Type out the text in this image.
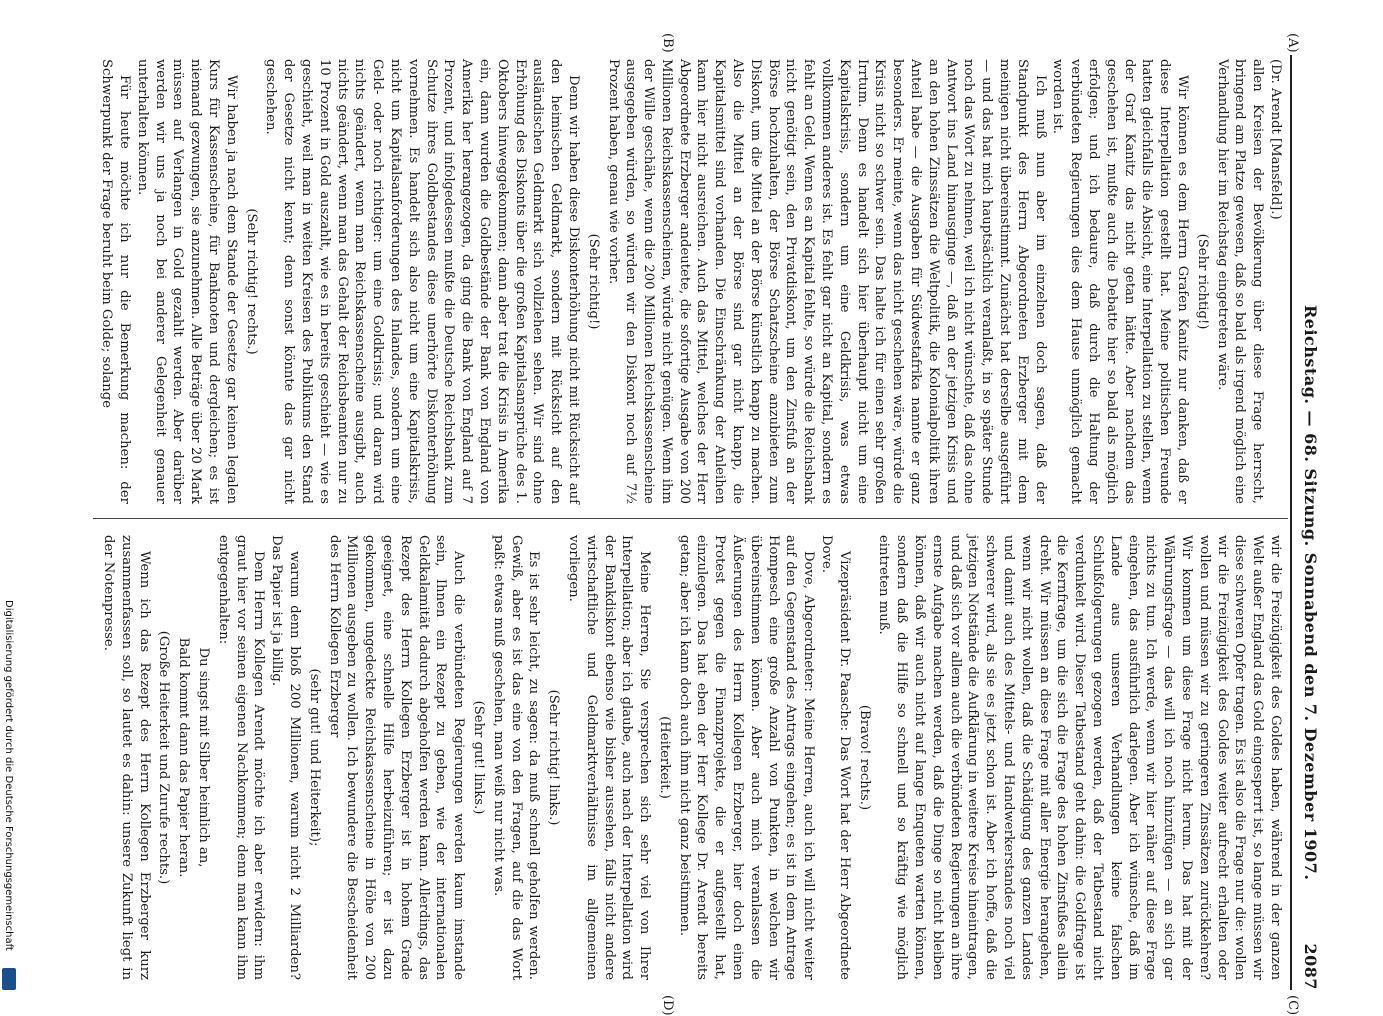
Reichstag. — 68. Sitzung. Sonnabend den 7. Dezember 1907.
2087
(A)
(B)
(C)
(D)

(Dr. Arendt [Mansfeld].)

allen Kreisen der Bevölkerung über diese Frage herrscht, bringend am Platze gewesen, daß so bald als irgend möglich eine Verhandlung hier im Reichstag eingetreten wäre.

(Sehr richtig!)

Wir können es dem Herrn Grafen Kanitz nur danken, daß er diese Interpellation gestellt hat. Meine politischen Freunde hatten gleichfalls die Absicht, eine Interpellation zu stellen, wenn der Graf Kanitz das nicht getan hätte. Aber nachdem das geschehen ist, mußte auch die Debatte hier so bald als möglich erfolgen; und ich bedaure, daß durch die Haltung der verbündeten Regierungen dies dem Hause unmöglich gemacht worden ist.

Ich muß nun aber im einzelnen doch sagen, daß der Standpunkt des Herrn Abgeordneten Erzberger mit dem meinigen nicht übereinstimmt. Zunächst hat derselbe ausgeführt — und das hat mich hauptsächlich veranlaßt, in so später Stunde noch das Wort zu nehmen, weil ich nicht wünschte, daß das ohne Antwort ins Land hinausginge —, daß an der jetzigen Krisis und an den hohen Zinssätzen die Weltpolitik, die Kolonialpolitik ihren Anteil habe — die Ausgaben für Südwestafrika nannte er ganz besonders. Er meinte, wenn das nicht geschehen wäre, würde die Krisis nicht so schwer sein. Das halte ich für einen sehr großen Irrtum. Denn es handelt sich hier überhaupt nicht um eine Kapitalskrisis, sondern um eine Geldkrisis, was etwas vollkommen anderes ist. Es fehlt gar nicht an Kapital, sondern es fehlt an Geld. Wenn es an Kapital fehlte, so würde die Reichsbank nicht genötigt sein, den Privatdiskont, um den Zinsfuß an der Börse hochzuhalten, der Börse Schatzscheine anzubieten zum Diskont, um die Mittel an der Börse künstlich knapp zu machen. Also die Mittel an der Börse sind gar nicht knapp, die Kapitalsmittel sind vorhanden. Die Einschränkung der Anleihen kann hier nicht ausreichen. Auch das Mittel, welches der Herr Abgeordnete Erzberger andeutete, die sofortige Ausgabe von 200 Millionen Reichskassenscheinen, würde nicht genügen. Wenn ihm der Wille geschähe, wenn die 200 Millionen Reichskassenscheine ausgegeben würden, so würden wir den Diskont noch auf 7½ Prozent haben, genau wie vorher.

(Sehr richtig!)

Denn wir haben diese Diskonterhöhung nicht mit Rücksicht auf den heimischen Geldmarkt, sondern mit Rücksicht auf den ausländischen Geldmarkt sich vollziehen sehen. Wir sind ohne Erhöhung des Diskonts über die großen Kapitalsansprüche des 1. Oktobers hinweggekommen; dann aber trat die Krisis in Amerika ein, dann wurden die Goldbestände der Bank von England von Amerika her herangezogen, da ging die Bank von England auf 7 Prozent, und infolgedessen mußte die Deutsche Reichsbank zum Schutze ihres Goldbestandes diese unerhörte Diskonterhöhung vornehmen. Es handelt sich also nicht um eine Kapitalskrisis, nicht um Kapitalsanforderungen des Inlandes, sondern um eine Geld- oder noch richtiger: um eine Goldkrisis; und daran wird nichts geändert, wenn man Reichskassenscheine ausgibt, auch nichts geändert, wenn man das Gehalt der Reichsbeamten nur zu 10 Prozent in Gold auszahlt, wie es in bereits geschieht — wie es geschieht, weil man in weiten Kreisen des Publikums den Stand der Gesetze nicht kennt; denn sonst könnte das gar nicht geschehen.

(Sehr richtig! rechts.)

Wir haben ja nach dem Stande der Gesetze gar keinen legalen Kurs für Kassenscheine, für Banknoten und dergleichen; es ist niemand gezwungen, sie anzunehmen. Alle Beträge über 20 Mark müssen auf Verlangen in Gold gezahlt werden. Aber darüber werden wir uns ja noch bei anderer Gelegenheit genauer unterhalten können.

Für heute möchte ich nur die Bemerkung machen: der Schwerpunkt der Frage beruht beim Golde; solange

wir die Freizügigkeit des Goldes haben, während in der ganzen Welt außer England das Gold eingesperrt ist, so lange müssen wir diese schweren Opfer tragen. Es ist also die Frage nur die: wollen wir die Freizügigkeit des Goldes weiter aufrecht erhalten oder wollen und müssen wir zu geringeren Zinssätzen zurückkehren? Wir kommen um diese Frage nicht herum. Das hat mit der Währungsfrage — das will ich noch hinzufügen — an sich gar nichts zu tun. Ich werde, wenn wir hier näher auf diese Frage eingehen, das ausführlich darlegen. Aber ich wünsche, daß im Lande aus unseren Verhandlungen keine falschen Schlußfolgerungen gezogen werden, daß der Tatbestand nicht verdunkelt wird. Dieser Tatbestand geht dahin: die Goldfrage ist die Kernfrage, um die sich die Frage des hohen Zinsfußes allein dreht. Wir müssen an diese Frage mit aller Energie herangehen, wenn wir nicht wollen, daß die Schädigung des ganzen Landes und damit auch des Mittels- und Handwerkerstandes noch viel schwerer wird, als sie es jetzt schon ist. Aber ich hoffe, daß die jetzigen Notstände die Aufklärung in weitere Kreise hineintragen, und daß sich vor allem auch die verbündeten Regierungen an ihre ernste Aufgabe machen werden, daß die Dinge so nicht bleiben können, daß wir auch nicht auf lange Enqueten warten können, sondern daß die Hilfe so schnell und so kräftig wie möglich eintreten muß.

(Bravo! rechts.)

Vizepräsident Dr. Paasche: Das Wort hat der Herr Abgeordnete Dove.

Dove, Abgeordneter: Meine Herren, auch ich will nicht weiter auf den Gegenstand des Antrags eingehen; es ist in dem Antrage Hompesch eine große Anzahl von Punkten, in welchen wir übereinstimmen können. Aber auch mich veranlassen die Äußerungen des Herrn Kollegen Erzberger, hier doch einen Protest gegen die Finanzprojekte, die er aufgestellt hat, einzulegen. Das hat eben der Herr Kollege Dr. Arendt bereits getan; aber ich kann doch auch ihm nicht ganz beistimmen.

(Heiterkeit.)

Meine Herren, Sie versprechen sich sehr viel von Ihrer Interpellation; aber ich glaube, auch nach der Interpellation wird der Bankdiskont ebenso wie bisher aussehen, falls nicht andere wirtschaftliche und Geldmarktverhältnisse im allgemeinen vorliegen.

(Sehr richtig! links.)

Es ist sehr leicht, zu sagen: da muß schnell geholfen werden. Gewiß, aber es ist das eine von den Fragen, auf die das Wort paßt: etwas muß geschehen, man weiß nur nicht was.

(Sehr gut! links.)

Auch die verbündeten Regierungen werden kaum imstande sein, Ihnen ein Rezept zu geben, wie der internationalen Geldkalamität dadurch abgeholfen werden kann. Allerdings, das Rezept des Herrn Kollegen Erzberger ist in hohem Grade geeignet, eine schnelle Hilfe herbeizuführen; er ist dazu gekommen, ungedeckte Reichskassenscheine in Höhe von 200 Millionen ausgeben zu wollen. Ich bewundere die Bescheidenheit des Herrn Kollegen Erzberger

(sehr gut! und Heiterkeit);

warum denn bloß 200 Millionen, warum nicht 2 Milliarden? Das Papier ist ja billig.

Dem Herrn Kollegen Arendt möchte ich aber erwidern: ihm graut hier vor seinen eigenen Nachkommen; denn man kann ihm entgegenhalten:

Du singst mit Silber heimlich an,

Bald kommt dann das Papier heran.

(Große Heiterkeit und Zurufe rechts.)

Wenn ich das Rezept des Herrn Kollegen Erzberger kurz zusammenfassen soll, so lautet es dahin: unsere Zukunft liegt in der Notenpresse.

Digitalisierung gefördert durch die Deutsche Forschungsgemeinschaft
